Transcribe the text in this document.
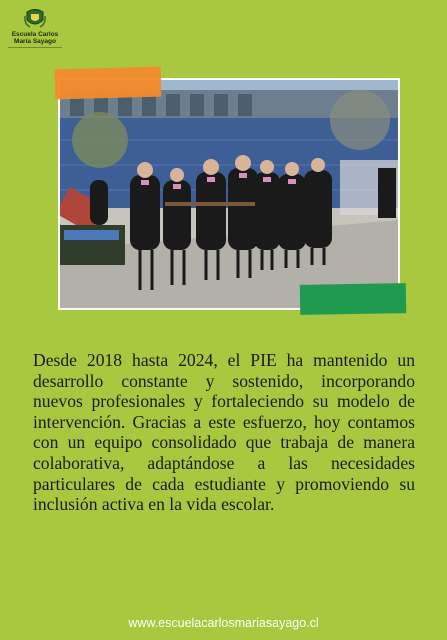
Escuela Carlos
María Sayago

Desde 2018 hasta 2024, el PIE ha mantenido un desarrollo constante y sostenido, incorporando nuevos profesionales y fortaleciendo su modelo de intervención. Gracias a este esfuerzo, hoy contamos con un equipo consolidado que trabaja de manera colaborativa, adaptándose a las necesidades particulares de cada estudiante y promoviendo su inclusión activa en la vida escolar.

www.escuelacarlosmariasayago.cl
